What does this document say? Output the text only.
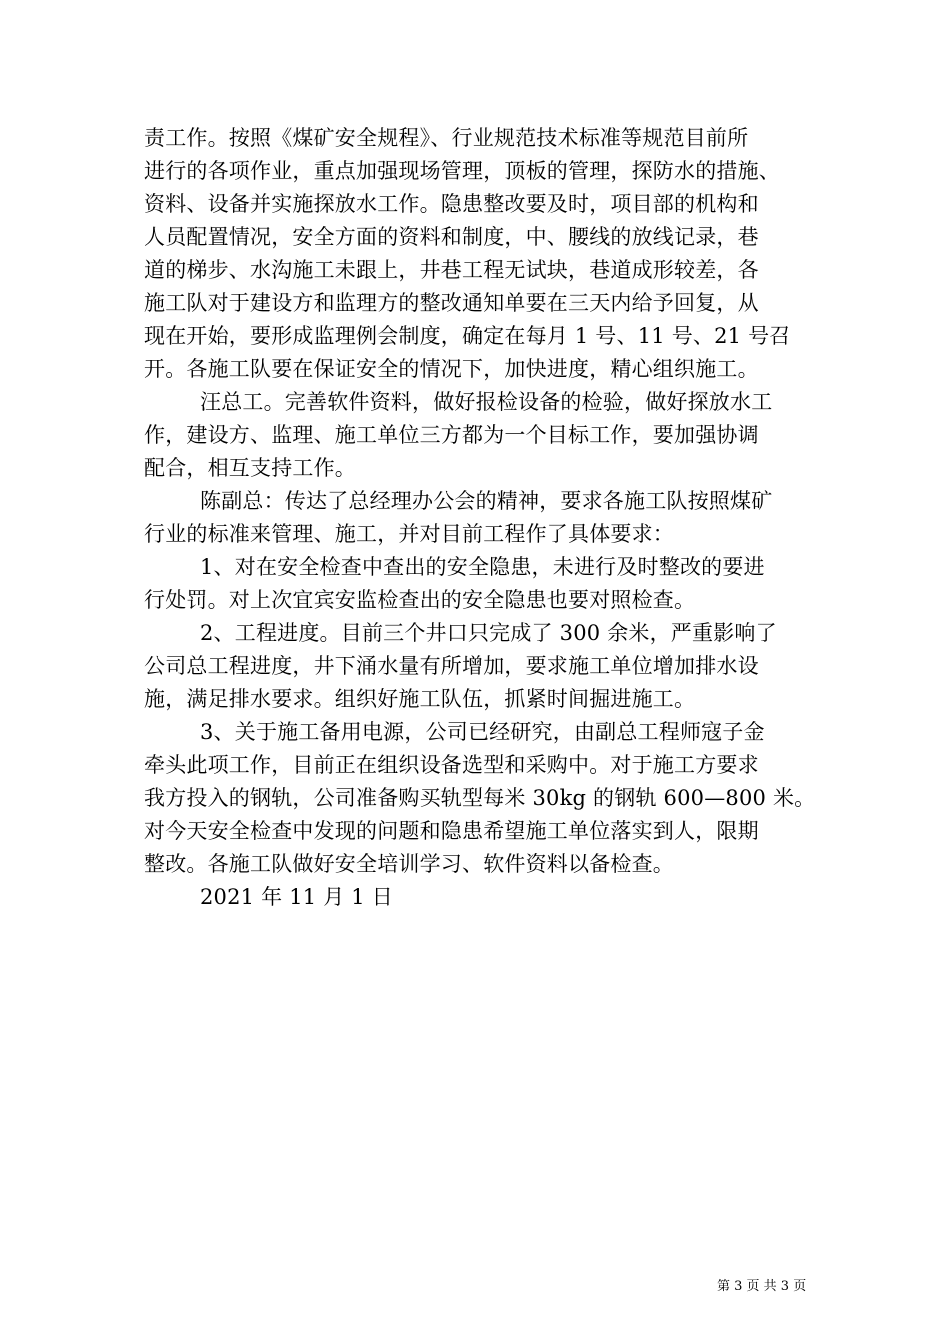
责工作。按照《煤矿安全规程》、行业规范技术标准等规范目前所
进行的各项作业，重点加强现场管理，顶板的管理，探防水的措施、
资料、设备并实施探放水工作。隐患整改要及时，项目部的机构和
人员配置情况，安全方面的资料和制度，中、腰线的放线记录，巷
道的梯步、水沟施工未跟上，井巷工程无试块，巷道成形较差，各
施工队对于建设方和监理方的整改通知单要在三天内给予回复，从
现在开始，要形成监理例会制度，确定在每月 1 号、11 号、21 号召
开。各施工队要在保证安全的情况下，加快进度，精心组织施工。
汪总工。完善软件资料，做好报检设备的检验，做好探放水工
作，建设方、监理、施工单位三方都为一个目标工作，要加强协调
配合，相互支持工作。
陈副总：传达了总经理办公会的精神，要求各施工队按照煤矿
行业的标准来管理、施工，并对目前工程作了具体要求：
1、对在安全检查中查出的安全隐患，未进行及时整改的要进
行处罚。对上次宜宾安监检查出的安全隐患也要对照检查。
2、工程进度。目前三个井口只完成了 300 余米，严重影响了
公司总工程进度，井下涌水量有所增加，要求施工单位增加排水设
施，满足排水要求。组织好施工队伍，抓紧时间掘进施工。
3、关于施工备用电源，公司已经研究，由副总工程师寇子金
牵头此项工作，目前正在组织设备选型和采购中。对于施工方要求
我方投入的钢轨，公司准备购买轨型每米 30kg 的钢轨 600—800 米。
对今天安全检查中发现的问题和隐患希望施工单位落实到人，限期
整改。各施工队做好安全培训学习、软件资料以备检查。
2021 年 11 月 1 日
第 3 页 共 3 页
